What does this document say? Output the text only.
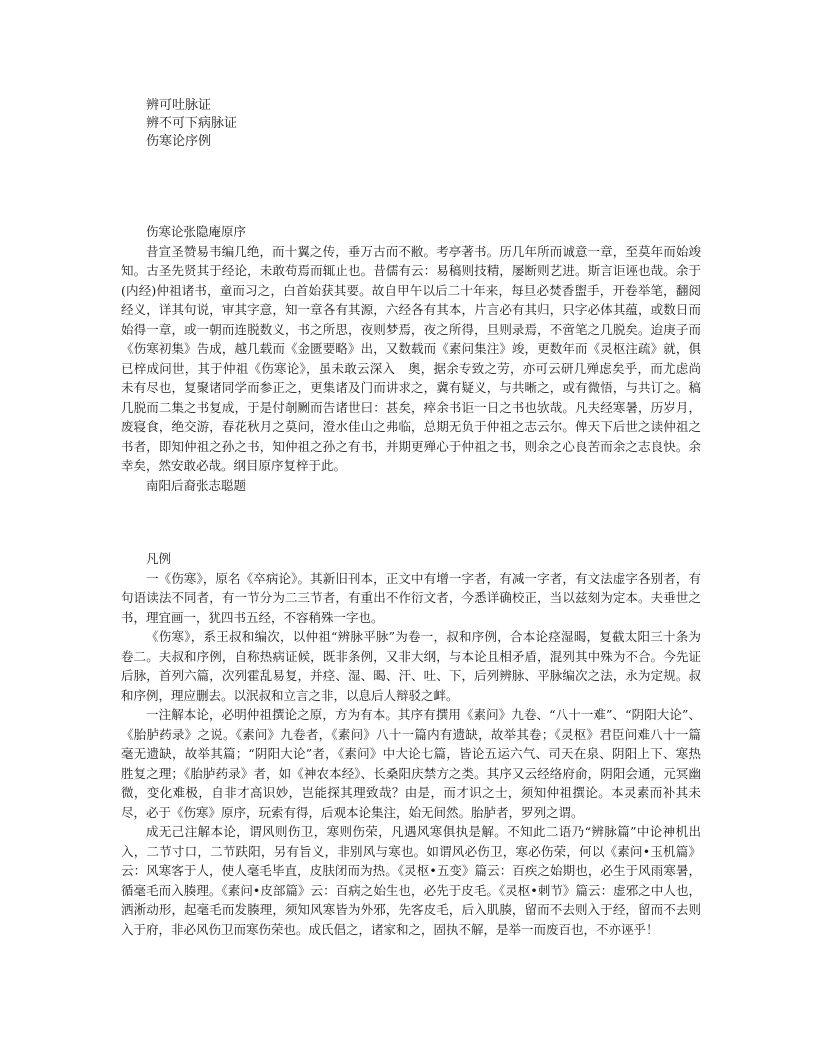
辨可吐脉证
辨不可下病脉证
伤寒论序例
伤寒论张隐庵原序

昔宣圣赞易韦编几绝，而十翼之传，垂万古而不敝。考亭著书。历几年所而诚意一章，至莫年而始竣知。古圣先贤其于经论，未敢苟焉而辄止也。昔儒有云：易稿则技精，屡断则艺进。斯言讵诬也哉。余于(内经)仲祖诸书，童而习之，白首始获其要。故自甲午以后二十年来，每旦必焚香盥手，开卷举笔，翻阅经义，详其句说，审其字意，知一章各有其源，六经各有其本，片言必有其归，只字必体其蕴，或数日而始得一章，或一朝而连脱数义，书之所思，夜则梦焉，夜之所得，旦则录焉，不啻笔之几脱矣。迨庚子而《伤寒初集》告成，越几载而《金匮要略》出，又数载而《素问集注》竣，更数年而《灵枢注疏》就，俱已梓成问世，其于仲祖《伤寒论》，虽未敢云深入　奥，据余专致之劳，亦可云研几殚虑矣乎，而尤虑尚未有尽也，复聚诸同学而参正之，更集诸及门而讲求之，冀有疑义，与共晰之，或有微悟，与共订之。稿几脱而二集之书复成，于是付剞劂而告诸世曰：甚矣，瘁余书讵一日之书也欤哉。凡夫经寒暑，历岁月，废寝食，绝交游，春花秋月之莫问，澄水佳山之弗临，总期无负于仲祖之志云尔。俾天下后世之读仲祖之书者，即知仲祖之孙之书，知仲祖之孙之有书，并期更殚心于仲祖之书，则余之心良苦而余之志良快。余幸矣，然安敢必哉。纲目原序复梓于此。

南阳后裔张志聪题
凡例

一《伤寒》，原名《卒病论》。其新旧刊本，正文中有增一字者，有减一字者，有文法虚字各别者，有句语读法不同者，有一节分为二三节者，有重出不作衍文者，今悉详确校正，当以兹刻为定本。夫垂世之书，理宜画一，犹四书五经，不容稍殊一字也。

《伤寒》，系王叔和编次，以仲祖“辨脉平脉”为卷一，叔和序例，合本论痉湿暍，复截太阳三十条为卷二。夫叔和序例，自称热病证候，既非条例，又非大纲，与本论且相矛盾，混列其中殊为不合。今先证后脉，首列六篇，次列霍乱易复，并痉、湿、暍、汗、吐、下，后列辨脉、平脉编次之法，永为定规。叔和序例，理应删去。以泯叔和立言之非，以息后人辩驳之衅。

一注解本论，必明仲祖撰论之原，方为有本。其序有撰用《素问》九卷、“八十一难”、“阴阳大论”、《胎胪药录》之说。《素问》九卷者，《素问》八十一篇内有遗缺，故举其卷；《灵枢》君臣问难八十一篇毫无遗缺，故举其篇；“阴阳大论”者，《素问》中大论七篇，皆论五运六气、司天在泉、阴阳上下、寒热胜复之理；《胎胪药录》者，如《神农本经》、长桑阳庆禁方之类。其序又云经络府俞，阴阳会通，元冥幽微，变化难极，自非才高识妙，岂能探其理致哉？由是，而才识之士，须知仲祖撰论。本灵素而补其未尽，必于《伤寒》原序，玩索有得，后观本论集注，始无间然。胎胪者，罗列之谓。

成无己注解本论，谓风则伤卫，寒则伤荣，凡遇风寒俱执是解。不知此二语乃“辨脉篇”中论神机出入，二节寸口，二节趺阳，另有旨义，非别风与寒也。如谓风必伤卫，寒必伤荣，何以《素问•玉机篇》云：风寒客于人，使人毫毛毕直，皮肤闭而为热。《灵枢•五变》篇云：百疾之始期也，必生于风雨寒暑，循毫毛而入腠理。《素问•皮部篇》云：百病之始生也，必先于皮毛。《灵枢•刺节》篇云：虚邪之中人也，洒淅动形，起毫毛而发腠理，须知风寒皆为外邪，先客皮毛，后入肌腠，留而不去则入于经，留而不去则入于府，非必风伤卫而寒伤荣也。成氏倡之，诸家和之，固执不解，是举一而废百也，不亦诬乎！
